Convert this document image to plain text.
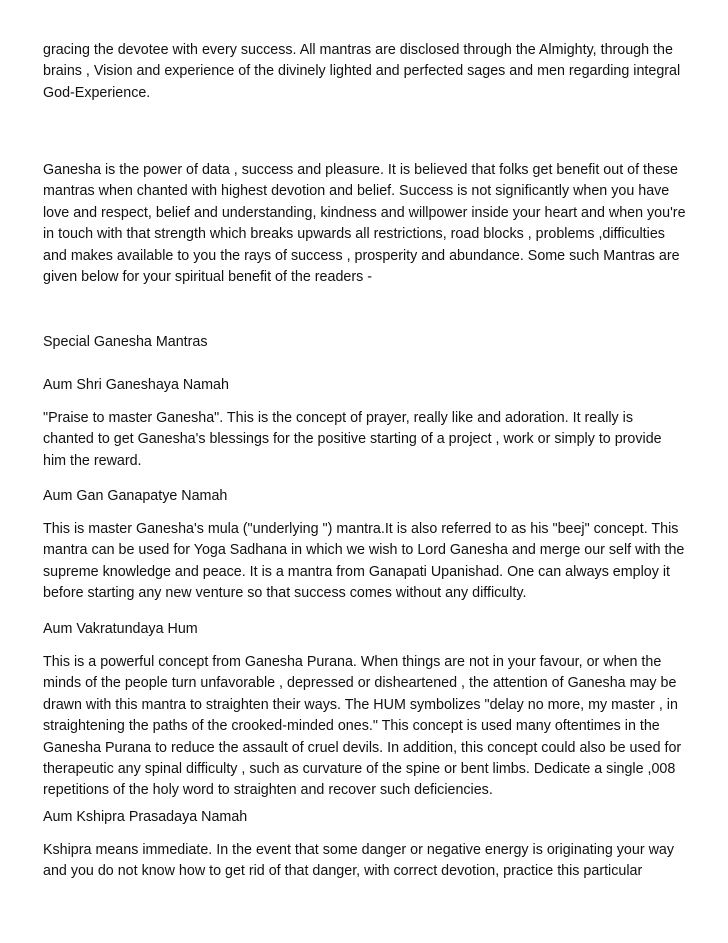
gracing the devotee with every success. All mantras are disclosed through the Almighty, through the
brains , Vision and experience of the divinely lighted and perfected sages and men regarding integral
God-Experience.

Ganesha is the power of data , success and pleasure. It is believed that folks get benefit out of these
mantras when chanted with highest devotion and belief. Success is not significantly when you have
love and respect, belief and understanding, kindness and willpower inside your heart and when you're
in touch with that strength which breaks upwards all restrictions, road blocks , problems ,difficulties
and makes available to you the rays of success , prosperity and abundance. Some such Mantras are
given below for your spiritual benefit of the readers -

Special Ganesha Mantras

Aum Shri Ganeshaya Namah

"Praise to master Ganesha". This is the concept of prayer, really like and adoration. It really is
chanted to get Ganesha's blessings for the positive starting of a project , work or simply to provide
him the reward.

Aum Gan Ganapatye Namah

This is master Ganesha's mula ("underlying ") mantra.It is also referred to as his "beej" concept. This
mantra can be used for Yoga Sadhana in which we wish to Lord Ganesha and merge our self with the
supreme knowledge and peace. It is a mantra from Ganapati Upanishad. One can always employ it
before starting any new venture so that success comes without any difficulty.

Aum Vakratundaya Hum

This is a powerful concept from Ganesha Purana. When things are not in your favour, or when the
minds of the people turn unfavorable , depressed or disheartened , the attention of Ganesha may be
drawn with this mantra to straighten their ways. The HUM symbolizes "delay no more, my master , in
straightening the paths of the crooked-minded ones." This concept is used many oftentimes in the
Ganesha Purana to reduce the assault of cruel devils. In addition, this concept could also be used for
therapeutic any spinal difficulty , such as curvature of the spine or bent limbs. Dedicate a single ,008
repetitions of the holy word to straighten and recover such deficiencies.

Aum Kshipra Prasadaya Namah

Kshipra means immediate. In the event that some danger or negative energy is originating your way
and you do not know how to get rid of that danger, with correct devotion, practice this particular
